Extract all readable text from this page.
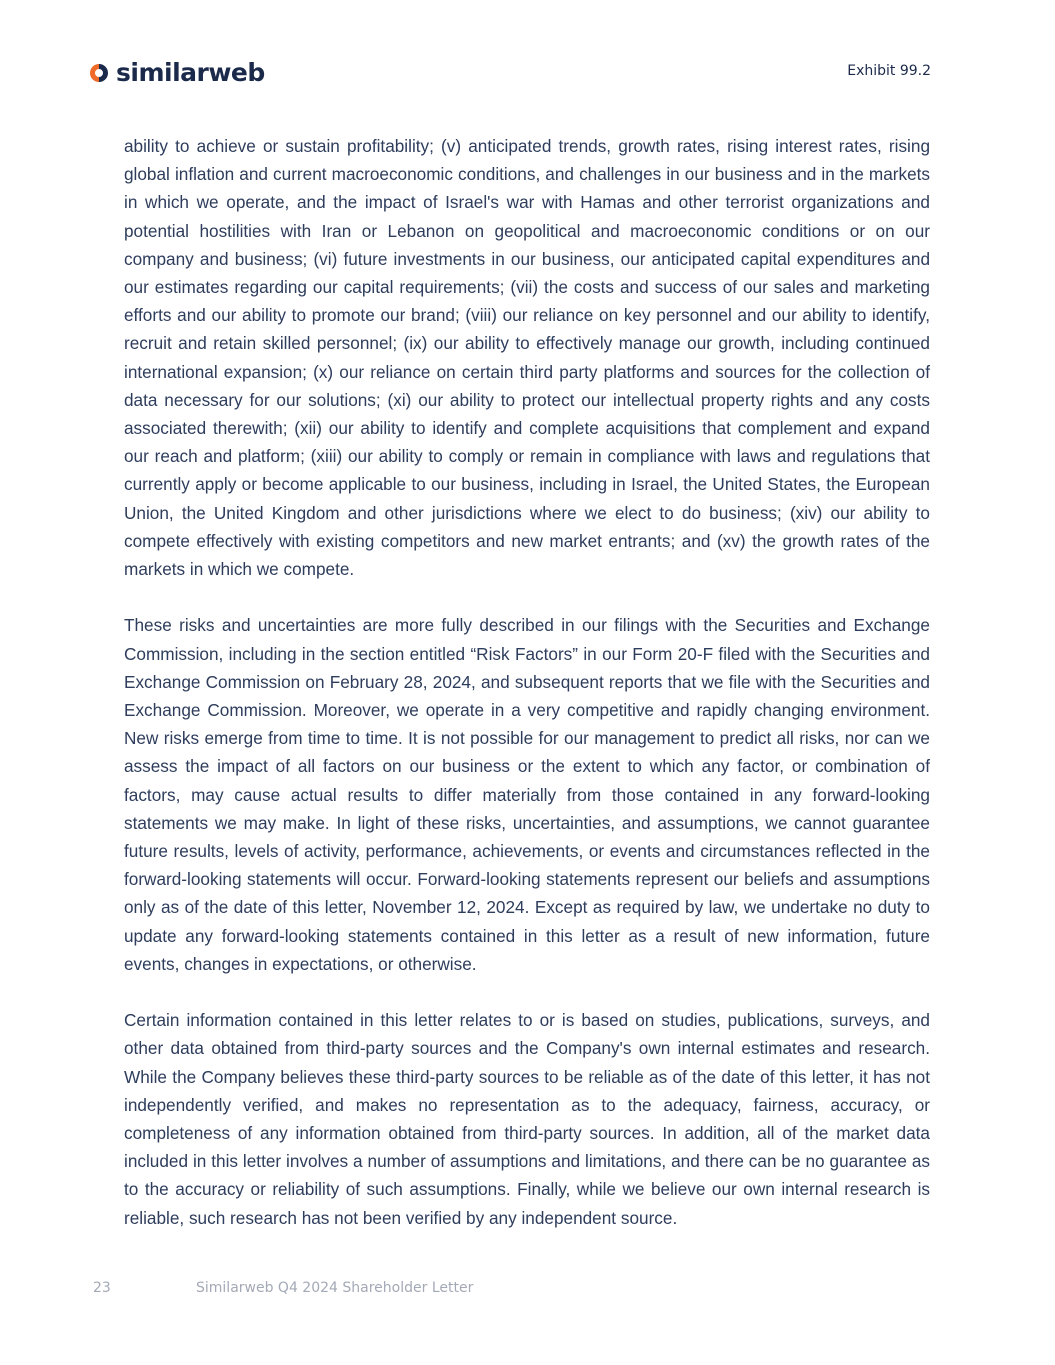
similarweb	Exhibit 99.2

ability to achieve or sustain profitability; (v) anticipated trends, growth rates, rising interest rates, rising global inflation and current macroeconomic conditions, and challenges in our business and in the markets in which we operate, and the impact of Israel's war with Hamas and other terrorist organizations and potential hostilities with Iran or Lebanon on geopolitical and macroeconomic conditions or on our company and business; (vi) future investments in our business, our anticipated capital expenditures and our estimates regarding our capital requirements; (vii) the costs and success of our sales and marketing efforts and our ability to promote our brand; (viii) our reliance on key personnel and our ability to identify, recruit and retain skilled personnel; (ix) our ability to effectively manage our growth, including continued international expansion; (x) our reliance on certain third party platforms and sources for the collection of data necessary for our solutions; (xi) our ability to protect our intellectual property rights and any costs associated therewith; (xii) our ability to identify and complete acquisitions that complement and expand our reach and platform; (xiii) our ability to comply or remain in compliance with laws and regulations that currently apply or become applicable to our business, including in Israel, the United States, the European Union, the United Kingdom and other jurisdictions where we elect to do business; (xiv) our ability to compete effectively with existing competitors and new market entrants; and (xv) the growth rates of the markets in which we compete.

These risks and uncertainties are more fully described in our filings with the Securities and Exchange Commission, including in the section entitled “Risk Factors” in our Form 20-F filed with the Securities and Exchange Commission on February 28, 2024, and subsequent reports that we file with the Securities and Exchange Commission. Moreover, we operate in a very competitive and rapidly changing environment. New risks emerge from time to time. It is not possible for our management to predict all risks, nor can we assess the impact of all factors on our business or the extent to which any factor, or combination of factors, may cause actual results to differ materially from those contained in any forward-looking statements we may make. In light of these risks, uncertainties, and assumptions, we cannot guarantee future results, levels of activity, performance, achievements, or events and circumstances reflected in the forward-looking statements will occur. Forward-looking statements represent our beliefs and assumptions only as of the date of this letter, November 12, 2024. Except as required by law, we undertake no duty to update any forward-looking statements contained in this letter as a result of new information, future events, changes in expectations, or otherwise.

Certain information contained in this letter relates to or is based on studies, publications, surveys, and other data obtained from third-party sources and the Company's own internal estimates and research. While the Company believes these third-party sources to be reliable as of the date of this letter, it has not independently verified, and makes no representation as to the adequacy, fairness, accuracy, or completeness of any information obtained from third-party sources. In addition, all of the market data included in this letter involves a number of assumptions and limitations, and there can be no guarantee as to the accuracy or reliability of such assumptions. Finally, while we believe our own internal research is reliable, such research has not been verified by any independent source.

23	Similarweb Q4 2024 Shareholder Letter
